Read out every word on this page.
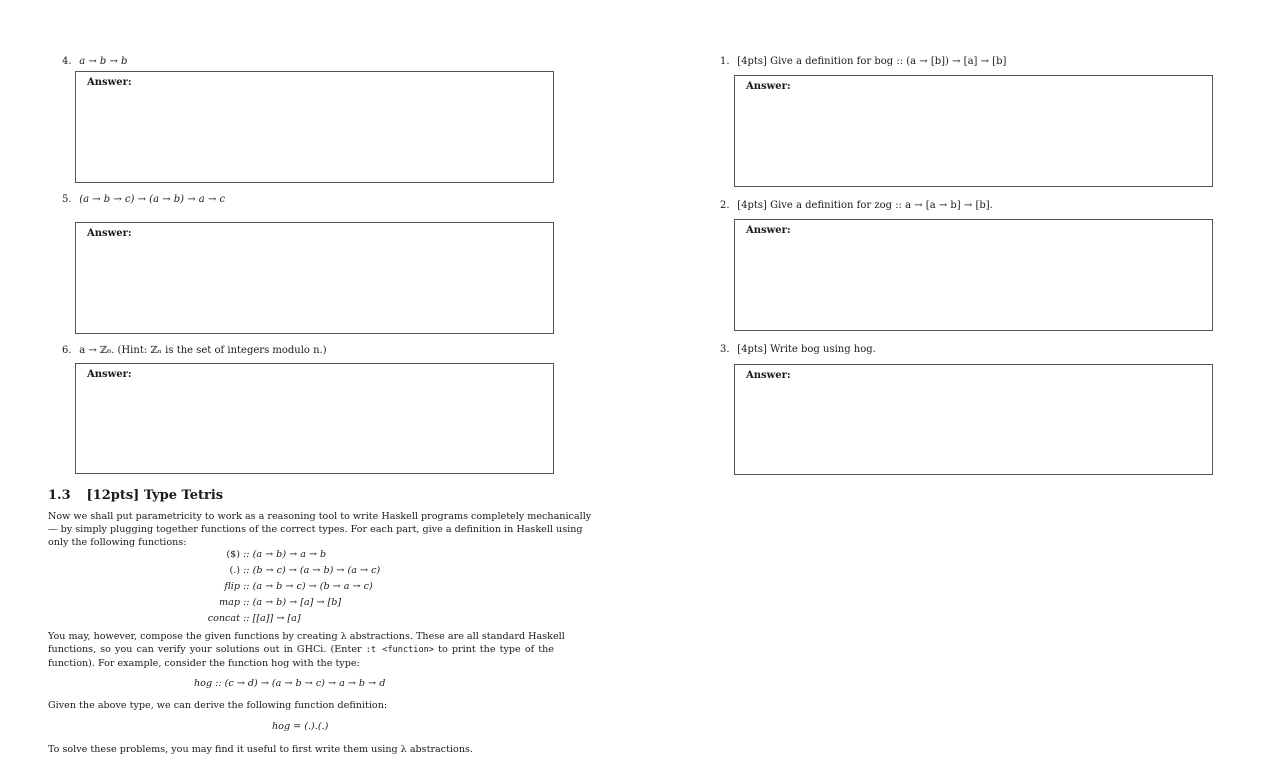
4. a → b → b
Answer:
5. (a → b → c) → (a → b) → a → c
Answer:
6. a → ℤ₆. (Hint: ℤₙ is the set of integers modulo n.)
Answer:
1.3 [12pts] Type Tetris
Now we shall put parametricity to work as a reasoning tool to write Haskell programs completely mechanically
— by simply plugging together functions of the correct types. For each part, give a definition in Haskell using
only the following functions:
($) :: (a → b) → a → b
(.) :: (b → c) → (a → b) → (a → c)
flip :: (a → b → c) → (b → a → c)
map :: (a → b) → [a] → [b]
concat :: [[a]] → [a]
You may, however, compose the given functions by creating λ abstractions. These are all standard Haskell
functions, so you can verify your solutions out in GHCi. (Enter :t <function> to print the type of the
function). For example, consider the function hog with the type:
hog :: (c → d) → (a → b → c) → a → b → d
Given the above type, we can derive the following function definition:
hog = (.).(.)
To solve these problems, you may find it useful to first write them using λ abstractions.
1. [4pts] Give a definition for bog :: (a → [b]) → [a] → [b]
Answer:
2. [4pts] Give a definition for zog :: a → [a → b] → [b].
Answer:
3. [4pts] Write bog using hog.
Answer:
